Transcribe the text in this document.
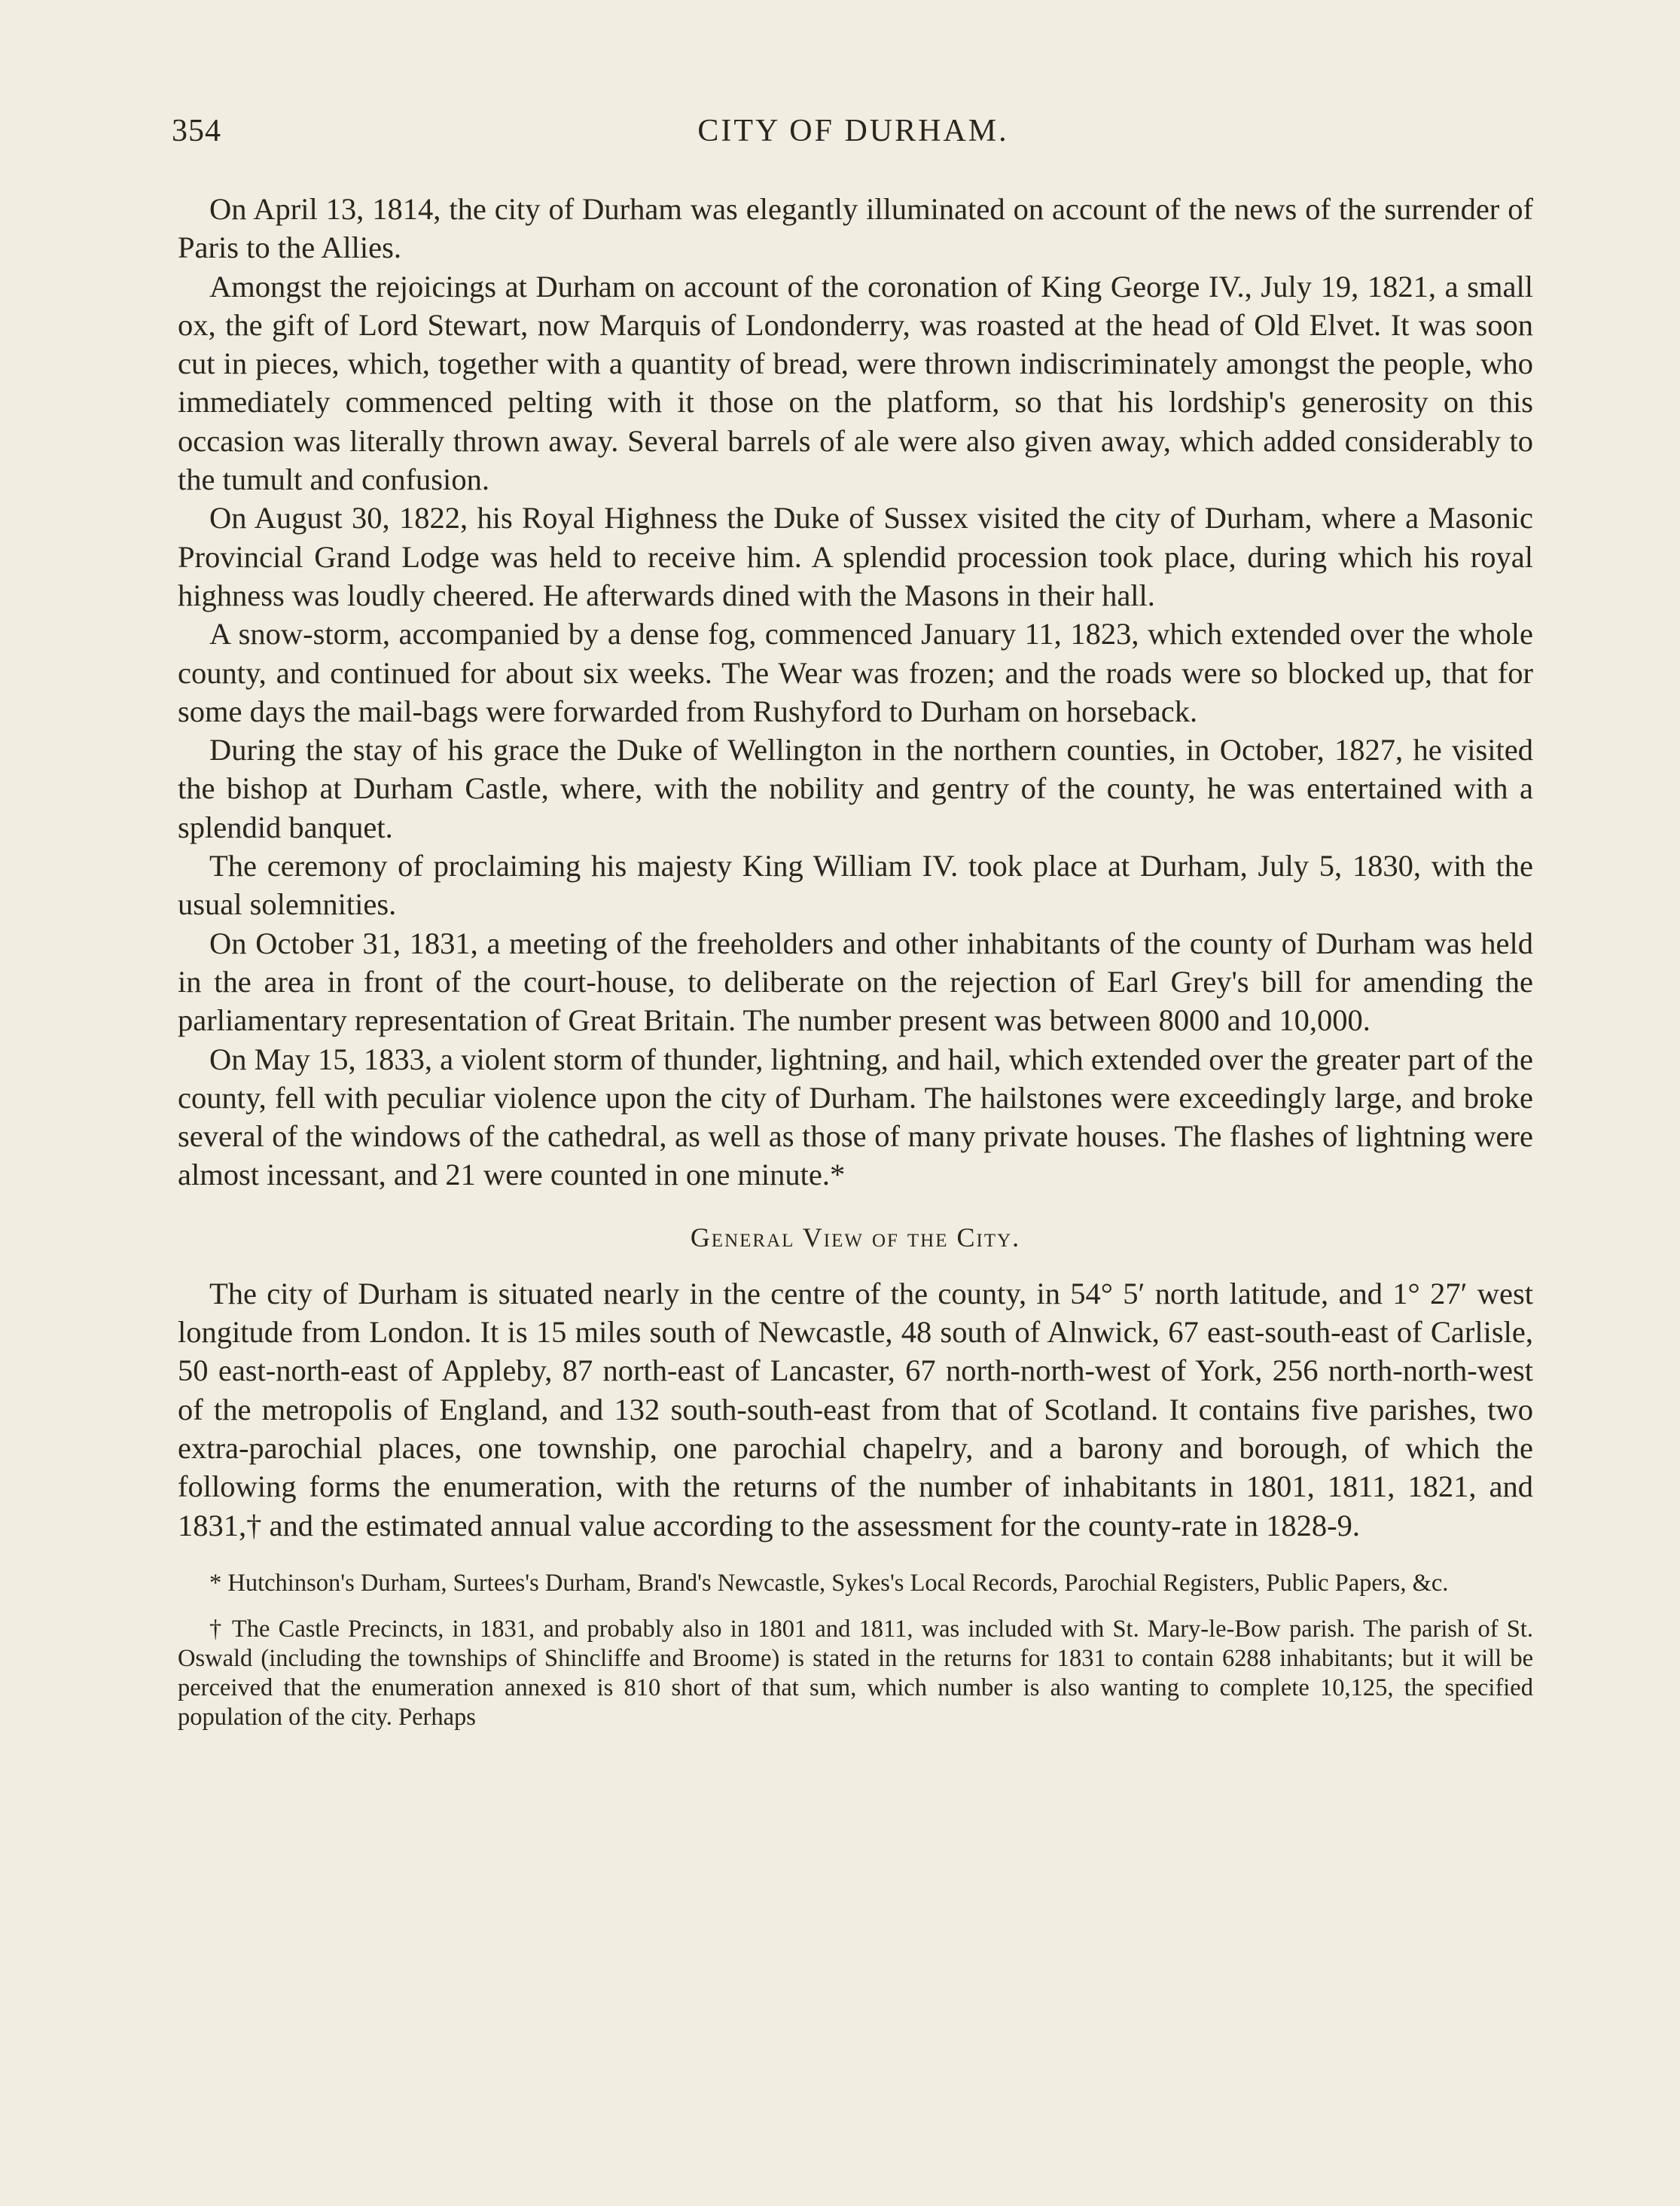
354	CITY OF DURHAM.

On April 13, 1814, the city of Durham was elegantly illuminated on account of the news of the surrender of Paris to the Allies.

Amongst the rejoicings at Durham on account of the coronation of King George IV., July 19, 1821, a small ox, the gift of Lord Stewart, now Marquis of Londonderry, was roasted at the head of Old Elvet. It was soon cut in pieces, which, together with a quantity of bread, were thrown indiscriminately amongst the people, who immediately commenced pelting with it those on the platform, so that his lordship's generosity on this occasion was literally thrown away. Several barrels of ale were also given away, which added considerably to the tumult and confusion.

On August 30, 1822, his Royal Highness the Duke of Sussex visited the city of Durham, where a Masonic Provincial Grand Lodge was held to receive him. A splendid procession took place, during which his royal highness was loudly cheered. He afterwards dined with the Masons in their hall.

A snow-storm, accompanied by a dense fog, commenced January 11, 1823, which extended over the whole county, and continued for about six weeks. The Wear was frozen; and the roads were so blocked up, that for some days the mail-bags were forwarded from Rushyford to Durham on horseback.

During the stay of his grace the Duke of Wellington in the northern counties, in October, 1827, he visited the bishop at Durham Castle, where, with the nobility and gentry of the county, he was entertained with a splendid banquet.

The ceremony of proclaiming his majesty King William IV. took place at Durham, July 5, 1830, with the usual solemnities.

On October 31, 1831, a meeting of the freeholders and other inhabitants of the county of Durham was held in the area in front of the court-house, to deliberate on the rejection of Earl Grey's bill for amending the parliamentary representation of Great Britain. The number present was between 8000 and 10,000.

On May 15, 1833, a violent storm of thunder, lightning, and hail, which extended over the greater part of the county, fell with peculiar violence upon the city of Durham. The hailstones were exceedingly large, and broke several of the windows of the cathedral, as well as those of many private houses. The flashes of lightning were almost incessant, and 21 were counted in one minute.*

General View of the City.

The city of Durham is situated nearly in the centre of the county, in 54° 5′ north latitude, and 1° 27′ west longitude from London. It is 15 miles south of Newcastle, 48 south of Alnwick, 67 east-south-east of Carlisle, 50 east-north-east of Appleby, 87 north-east of Lancaster, 67 north-north-west of York, 256 north-north-west of the metropolis of England, and 132 south-south-east from that of Scotland. It contains five parishes, two extra-parochial places, one township, one parochial chapelry, and a barony and borough, of which the following forms the enumeration, with the returns of the number of inhabitants in 1801, 1811, 1821, and 1831,† and the estimated annual value according to the assessment for the county-rate in 1828-9.

* Hutchinson's Durham, Surtees's Durham, Brand's Newcastle, Sykes's Local Records, Parochial Registers, Public Papers, &c.

† The Castle Precincts, in 1831, and probably also in 1801 and 1811, was included with St. Mary-le-Bow parish. The parish of St. Oswald (including the townships of Shincliffe and Broome) is stated in the returns for 1831 to contain 6288 inhabitants; but it will be perceived that the enumeration annexed is 810 short of that sum, which number is also wanting to complete 10,125, the specified population of the city. Perhaps
